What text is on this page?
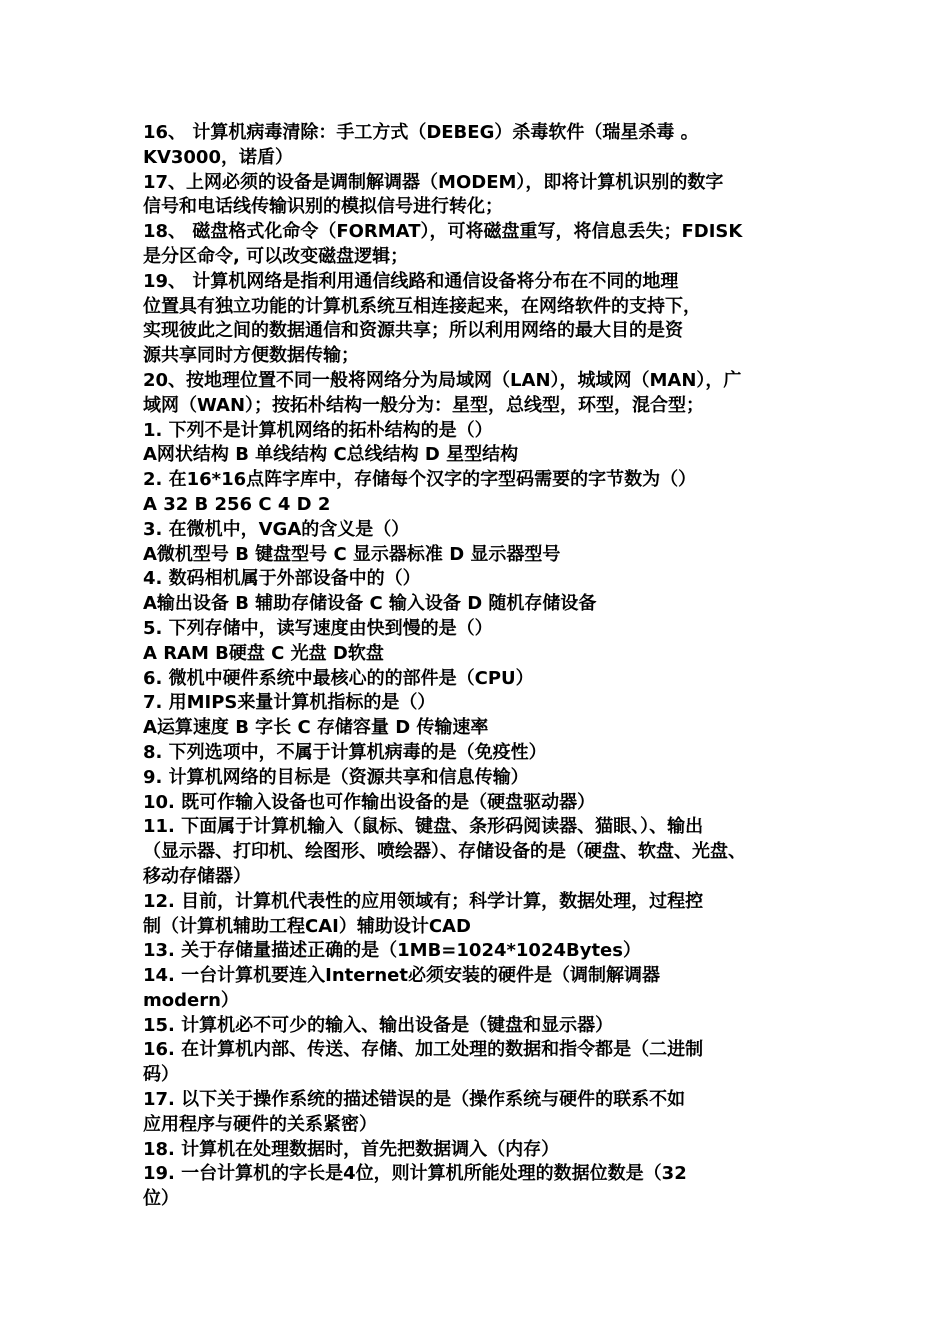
16、 计算机病毒清除：手工方式（DEBEG）杀毒软件（瑞星杀毒 。
KV3000，诺盾）
17、上网必须的设备是调制解调器（MODEM），即将计算机识别的数字
信号和电话线传输识别的模拟信号进行转化；
18、 磁盘格式化命令（FORMAT），可将磁盘重写，将信息丢失；FDISK
是分区命令, 可以改变磁盘逻辑；
19、 计算机网络是指利用通信线路和通信设备将分布在不同的地理
位置具有独立功能的计算机系统互相连接起来，在网络软件的支持下，
实现彼此之间的数据通信和资源共享；所以利用网络的最大目的是资
源共享同时方便数据传输；
20、按地理位置不同一般将网络分为局域网（LAN），城域网（MAN），广
域网（WAN）；按拓朴结构一般分为：星型，总线型，环型，混合型；
1. 下列不是计算机网络的拓朴结构的是（）
A网状结构 B 单线结构 C总线结构 D 星型结构
2. 在16*16点阵字库中，存储每个汉字的字型码需要的字节数为（）
A 32 B 256 C 4 D 2
3. 在微机中，VGA的含义是（）
A微机型号 B 键盘型号 C 显示器标准 D 显示器型号
4. 数码相机属于外部设备中的（）
A输出设备 B 辅助存储设备 C 输入设备 D 随机存储设备
5. 下列存储中，读写速度由快到慢的是（）
A RAM B硬盘 C 光盘 D软盘
6. 微机中硬件系统中最核心的的部件是（CPU）
7. 用MIPS来量计算机指标的是（）
A运算速度 B 字长 C 存储容量 D 传输速率
8. 下列选项中，不属于计算机病毒的是（免疫性）
9. 计算机网络的目标是（资源共享和信息传输）
10. 既可作输入设备也可作输出设备的是（硬盘驱动器）
11. 下面属于计算机输入（鼠标、键盘、条形码阅读器、猫眼、）、输出
（显示器、打印机、绘图形、喷绘器）、存储设备的是（硬盘、软盘、光盘、
移动存储器）
12. 目前，计算机代表性的应用领域有；科学计算，数据处理，过程控
制（计算机辅助工程CAI）辅助设计CAD
13. 关于存储量描述正确的是（1MB=1024*1024Bytes）
14. 一台计算机要连入Internet必须安装的硬件是（调制解调器
modern）
15. 计算机必不可少的输入、输出设备是（键盘和显示器）
16. 在计算机内部、传送、存储、加工处理的数据和指令都是（二进制
码）
17. 以下关于操作系统的描述错误的是（操作系统与硬件的联系不如
应用程序与硬件的关系紧密）
18. 计算机在处理数据时，首先把数据调入（内存）
19. 一台计算机的字长是4位，则计算机所能处理的数据位数是（32
位）
